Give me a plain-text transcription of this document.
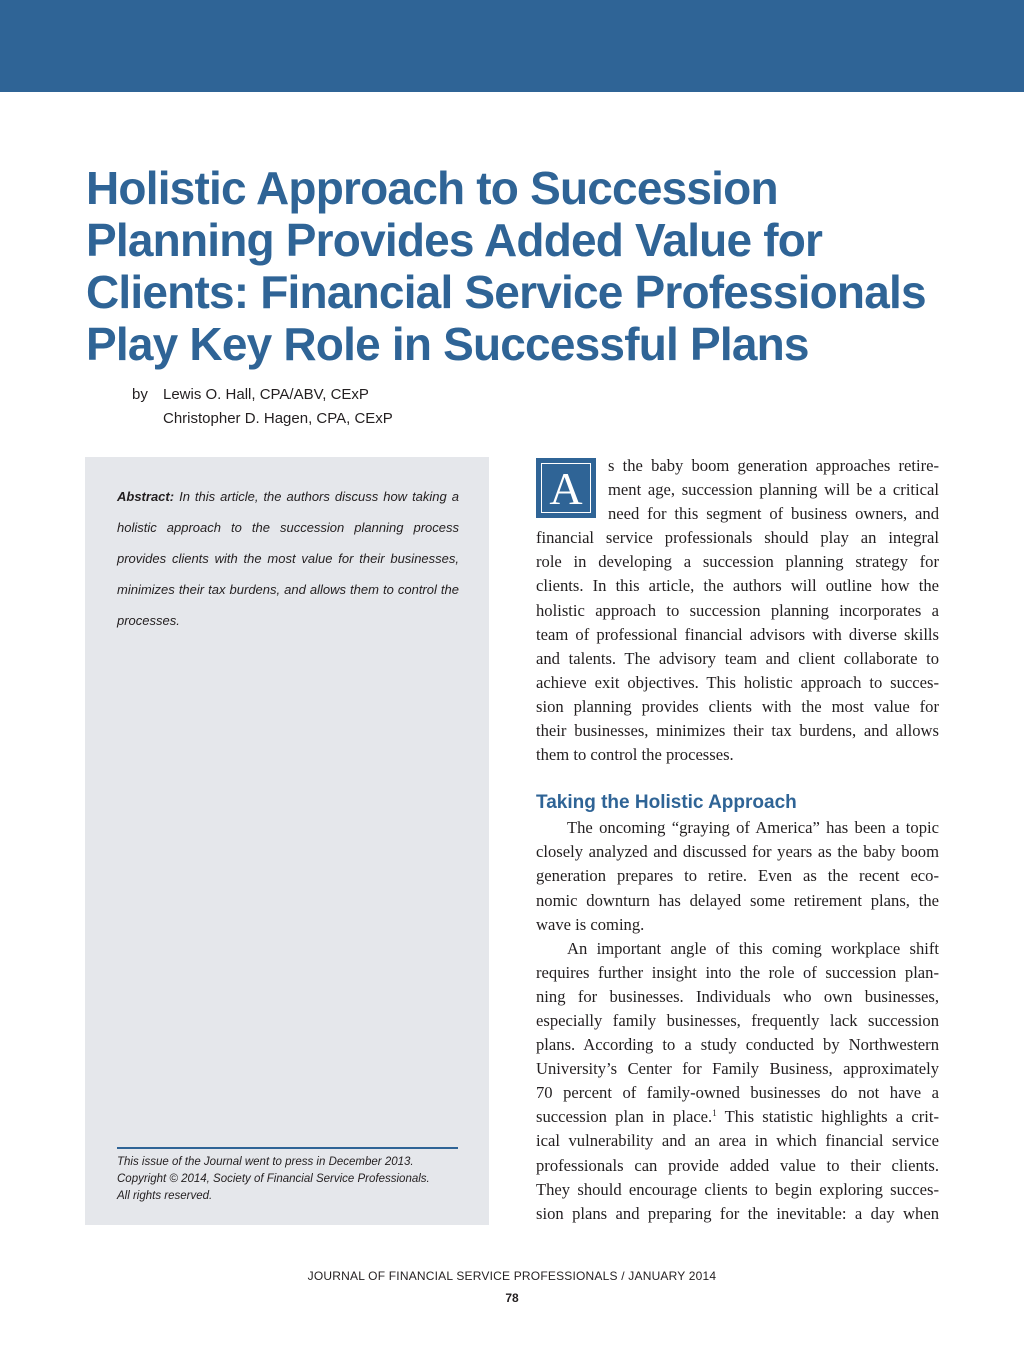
Holistic Approach to Succession
Planning Provides Added Value for
Clients: Financial Service Professionals
Play Key Role in Successful Plans
by Lewis O. Hall, CPA/ABV, CExP
Christopher D. Hagen, CPA, CExP
Abstract: In this article, the authors discuss how taking a holistic approach to the succession planning process provides clients with the most value for their businesses, minimizes their tax burdens, and allows them to control the processes.
This issue of the Journal went to press in December 2013.
Copyright © 2014, Society of Financial Service Professionals.
All rights reserved.
A	s the baby boom generation approaches retire-
ment age, succession planning will be a critical
need for this segment of business owners, and
financial service professionals should play an integral
role in developing a succession planning strategy for
clients. In this article, the authors will outline how the
holistic approach to succession planning incorporates a
team of professional financial advisors with diverse skills
and talents. The advisory team and client collaborate to
achieve exit objectives. This holistic approach to succes-
sion planning provides clients with the most value for
their businesses, minimizes their tax burdens, and allows
them to control the processes.
Taking the Holistic Approach
The oncoming “graying of America” has been a topic
closely analyzed and discussed for years as the baby boom
generation prepares to retire. Even as the recent eco-
nomic downturn has delayed some retirement plans, the
wave is coming.
An important angle of this coming workplace shift
requires further insight into the role of succession plan-
ning for businesses. Individuals who own businesses,
especially family businesses, frequently lack succession
plans. According to a study conducted by Northwestern
University’s Center for Family Business, approximately
70 percent of family-owned businesses do not have a
succession plan in place.$^1$ This statistic highlights a crit-
ical vulnerability and an area in which financial service
professionals can provide added value to their clients.
They should encourage clients to begin exploring succes-
sion plans and preparing for the inevitable: a day when
JOURNAL OF FINANCIAL SERVICE PROFESSIONALS / JANUARY 2014
78
